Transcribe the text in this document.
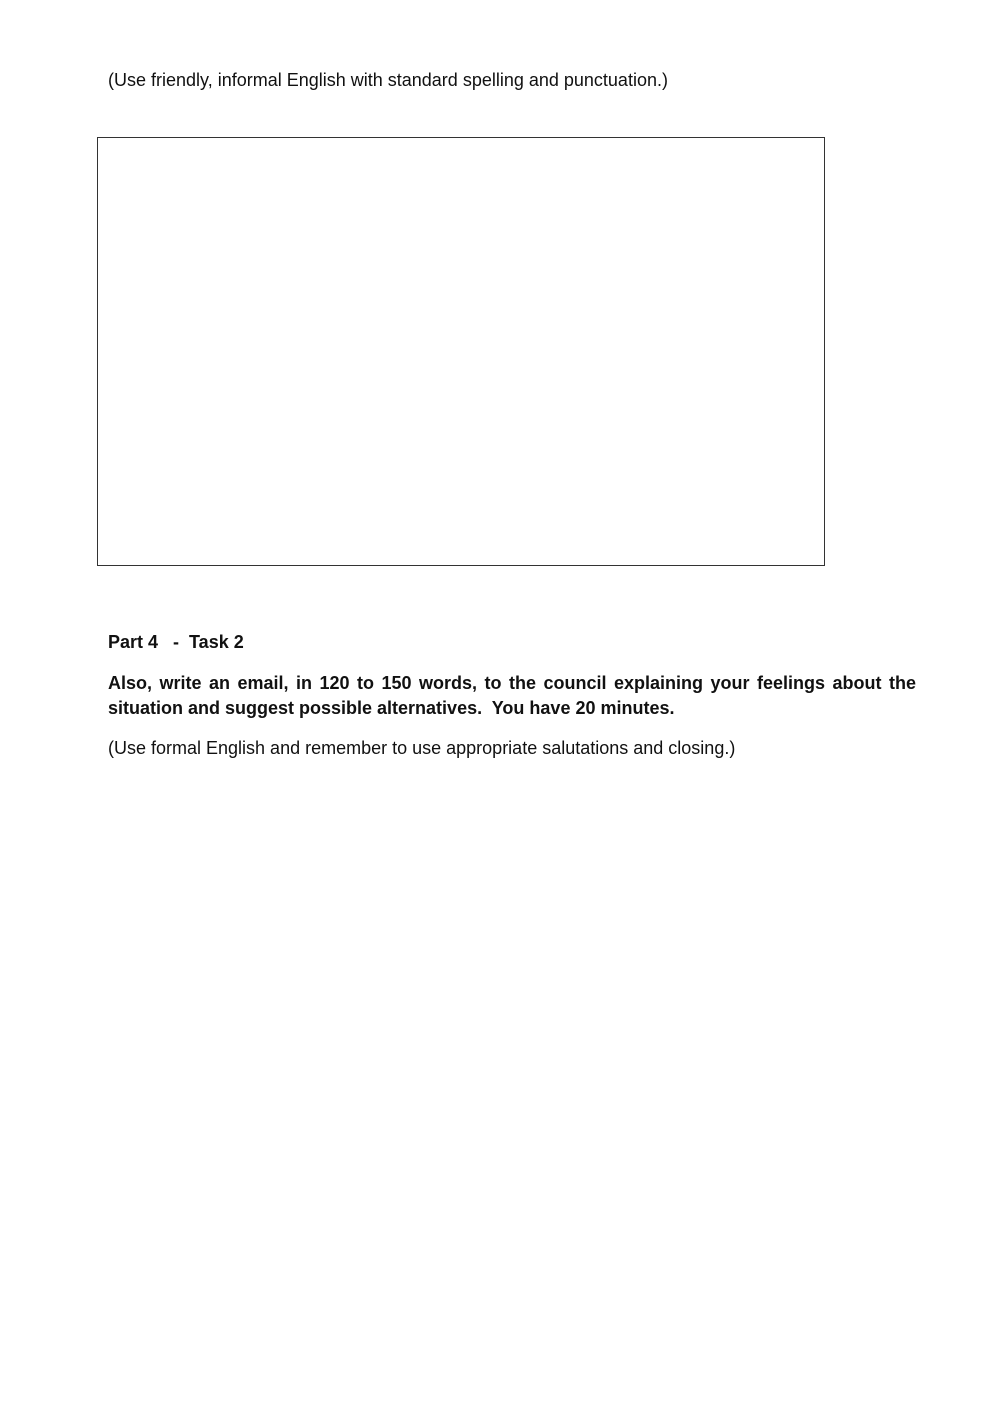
(Use friendly, informal English with standard spelling and punctuation.)
Part 4   -  Task 2
Also, write an email, in 120 to 150 words, to the council explaining your feelings about the situation and suggest possible alternatives.  You have 20 minutes.
(Use formal English and remember to use appropriate salutations and closing.)
